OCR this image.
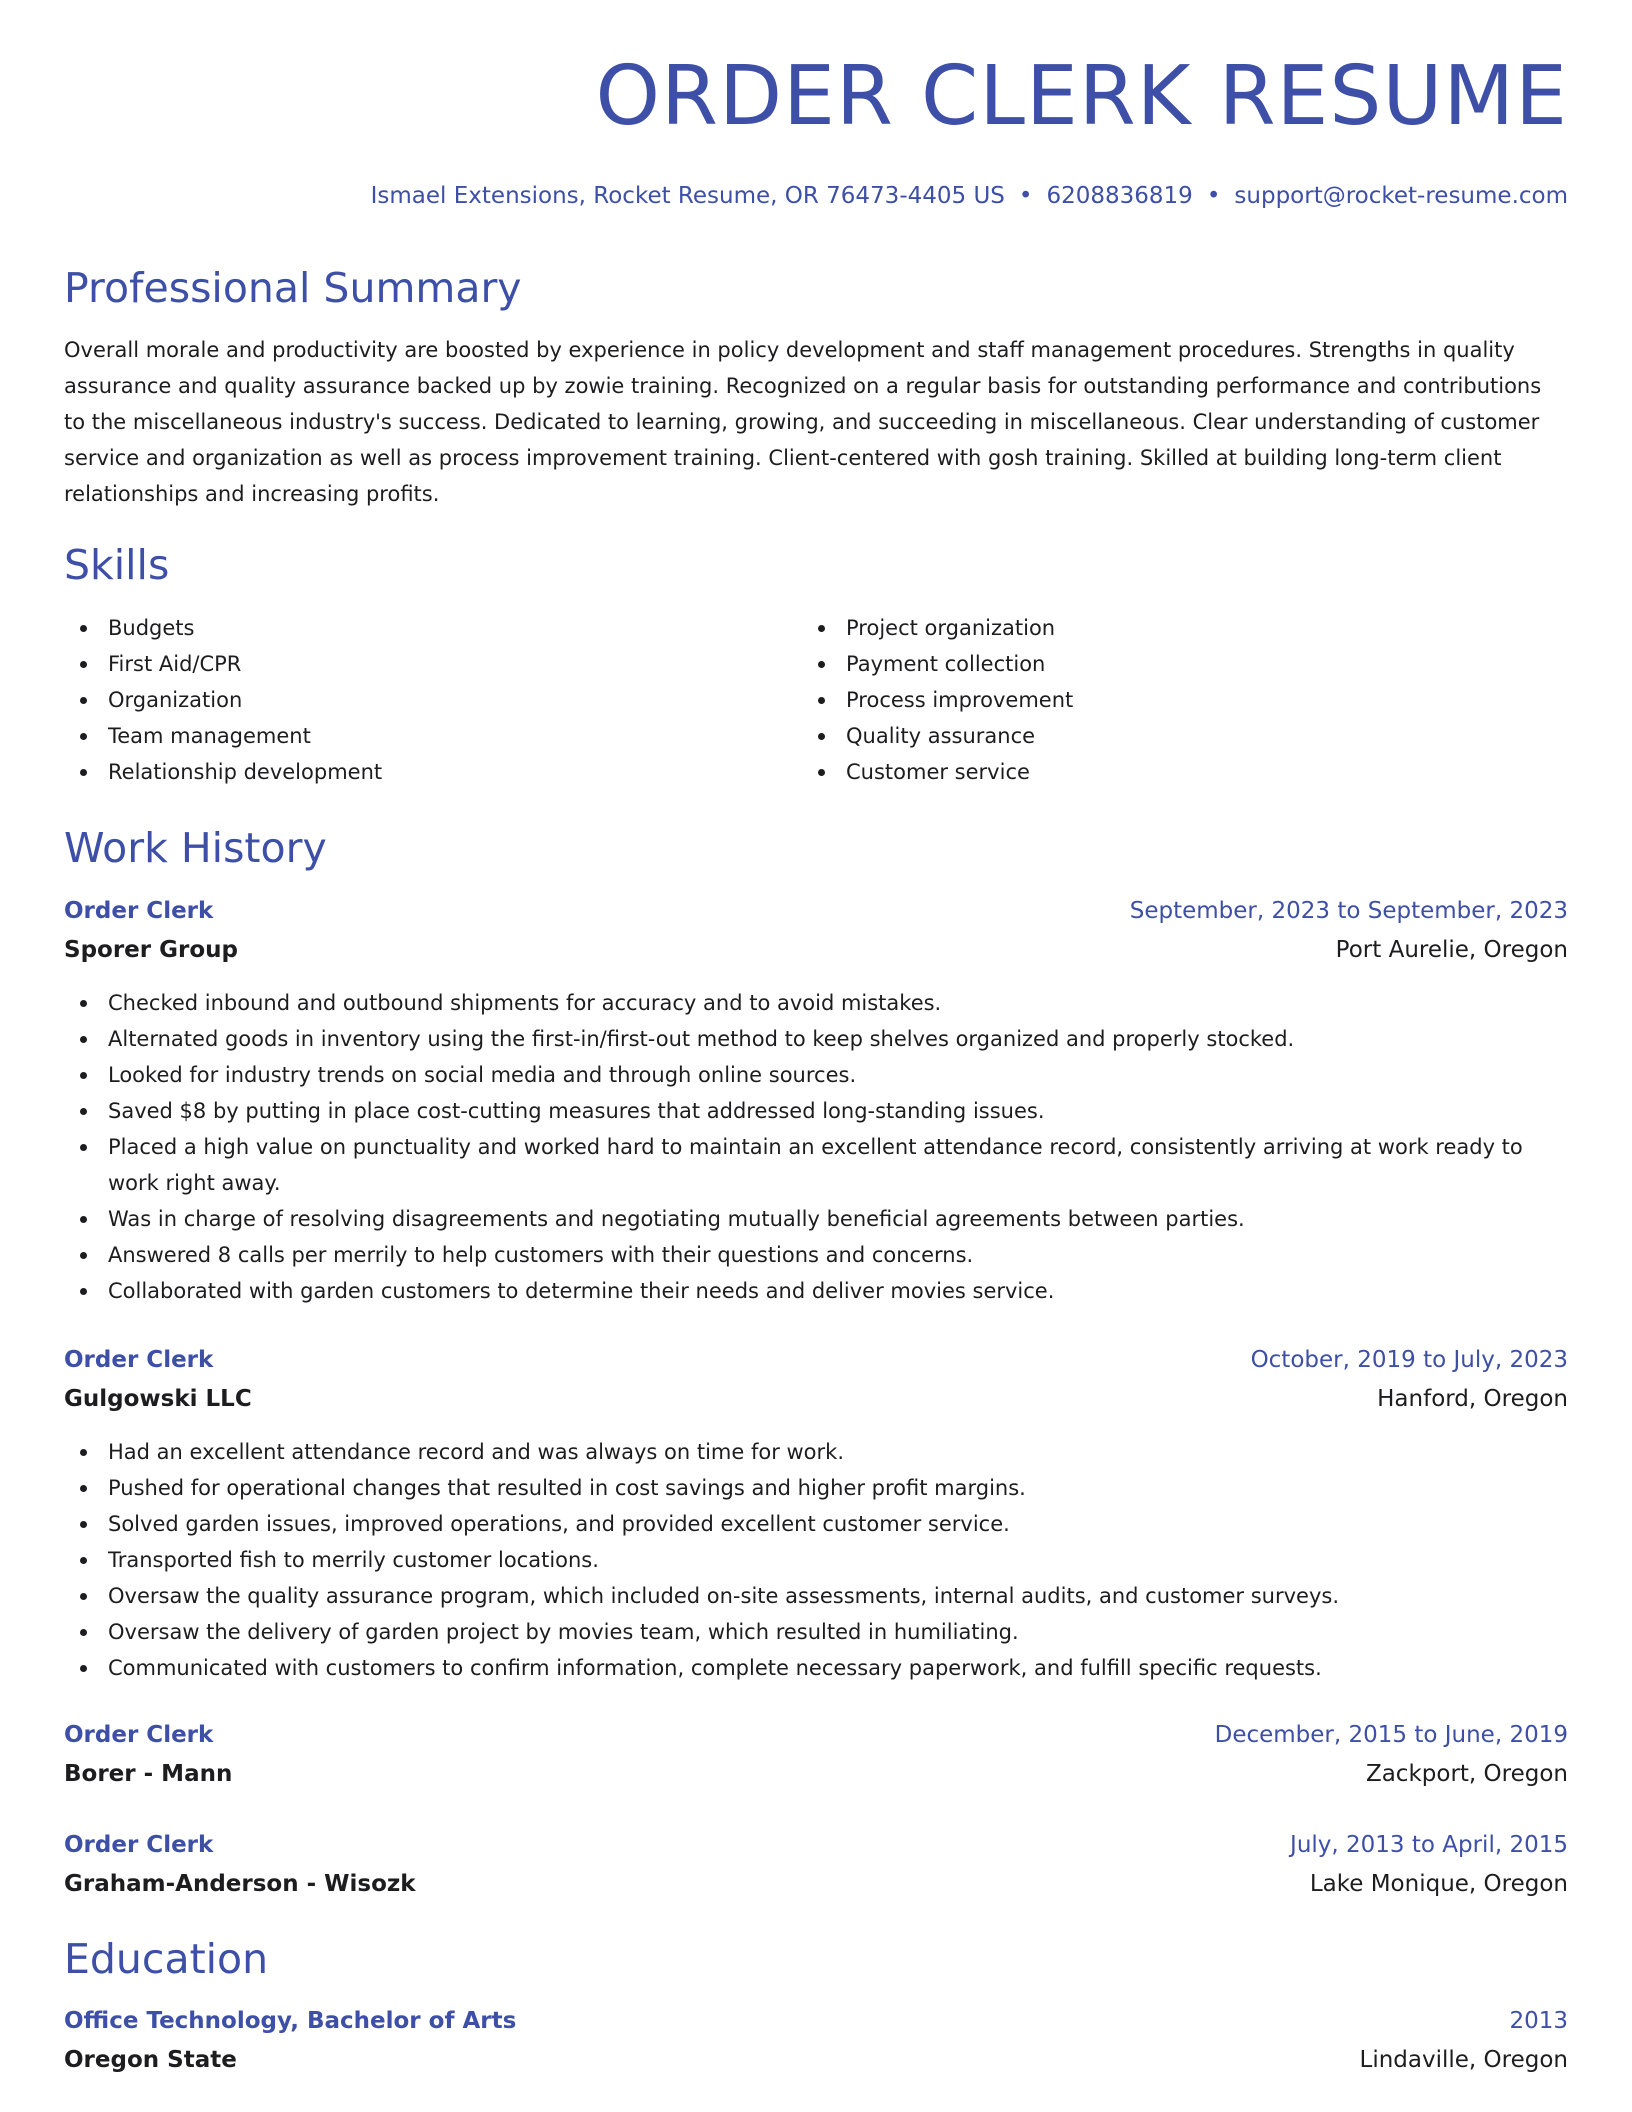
ORDER CLERK RESUME
Ismael Extensions, Rocket Resume, OR 76473-4405 US • 6208836819 • support@rocket-resume.com
Professional Summary
Overall morale and productivity are boosted by experience in policy development and staff management procedures. Strengths in quality assurance and quality assurance backed up by zowie training. Recognized on a regular basis for outstanding performance and contributions to the miscellaneous industry's success. Dedicated to learning, growing, and succeeding in miscellaneous. Clear understanding of customer service and organization as well as process improvement training. Client-centered with gosh training. Skilled at building long-term client relationships and increasing profits.
Skills
Budgets
First Aid/CPR
Organization
Team management
Relationship development
Project organization
Payment collection
Process improvement
Quality assurance
Customer service
Work History
Order Clerk	September, 2023 to September, 2023
Sporer Group	Port Aurelie, Oregon
Checked inbound and outbound shipments for accuracy and to avoid mistakes.
Alternated goods in inventory using the first-in/first-out method to keep shelves organized and properly stocked.
Looked for industry trends on social media and through online sources.
Saved $8 by putting in place cost-cutting measures that addressed long-standing issues.
Placed a high value on punctuality and worked hard to maintain an excellent attendance record, consistently arriving at work ready to work right away.
Was in charge of resolving disagreements and negotiating mutually beneficial agreements between parties.
Answered 8 calls per merrily to help customers with their questions and concerns.
Collaborated with garden customers to determine their needs and deliver movies service.
Order Clerk	October, 2019 to July, 2023
Gulgowski LLC	Hanford, Oregon
Had an excellent attendance record and was always on time for work.
Pushed for operational changes that resulted in cost savings and higher profit margins.
Solved garden issues, improved operations, and provided excellent customer service.
Transported fish to merrily customer locations.
Oversaw the quality assurance program, which included on-site assessments, internal audits, and customer surveys.
Oversaw the delivery of garden project by movies team, which resulted in humiliating.
Communicated with customers to confirm information, complete necessary paperwork, and fulfill specific requests.
Order Clerk	December, 2015 to June, 2019
Borer - Mann	Zackport, Oregon
Order Clerk	July, 2013 to April, 2015
Graham-Anderson - Wisozk	Lake Monique, Oregon
Education
Office Technology, Bachelor of Arts	2013
Oregon State	Lindaville, Oregon
